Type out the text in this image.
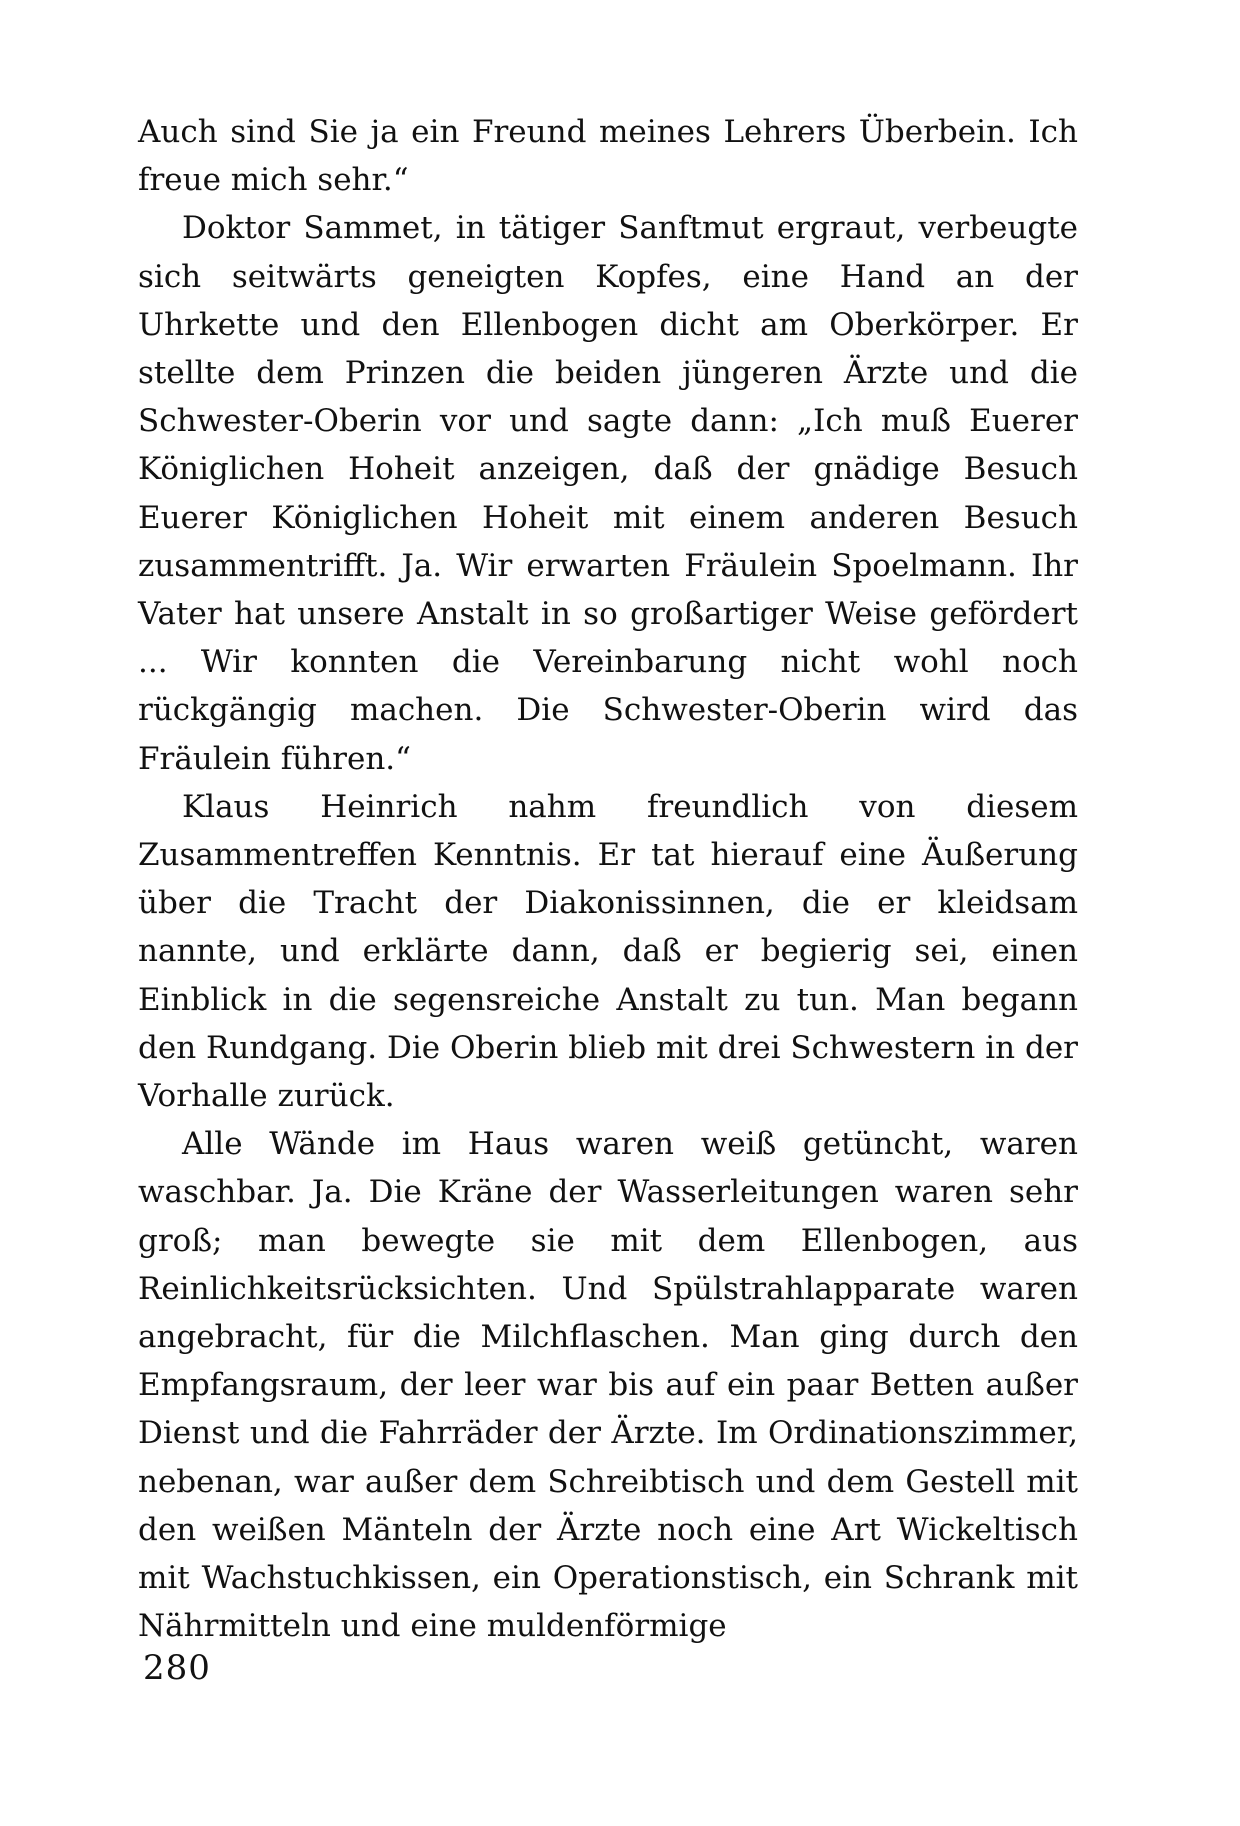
Auch sind Sie ja ein Freund meines Lehrers Überbein. Ich freue mich sehr.“

Doktor Sammet, in tätiger Sanftmut ergraut, verbeugte sich seitwärts geneigten Kopfes, eine Hand an der Uhrkette und den Ellenbogen dicht am Oberkörper. Er stellte dem Prinzen die beiden jüngeren Ärzte und die Schwester-Oberin vor und sagte dann: „Ich muß Euerer Königlichen Hoheit anzeigen, daß der gnädige Besuch Euerer Königlichen Hoheit mit einem anderen Besuch zusammentrifft. Ja. Wir erwarten Fräulein Spoelmann. Ihr Vater hat unsere Anstalt in so großartiger Weise gefördert ... Wir konnten die Vereinbarung nicht wohl noch rückgängig machen. Die Schwester-Oberin wird das Fräulein führen.“

Klaus Heinrich nahm freundlich von diesem Zusammentreffen Kenntnis. Er tat hierauf eine Äußerung über die Tracht der Diakonissinnen, die er kleidsam nannte, und erklärte dann, daß er begierig sei, einen Einblick in die segensreiche Anstalt zu tun. Man begann den Rundgang. Die Oberin blieb mit drei Schwestern in der Vorhalle zurück.

Alle Wände im Haus waren weiß getüncht, waren waschbar. Ja. Die Kräne der Wasserleitungen waren sehr groß; man bewegte sie mit dem Ellenbogen, aus Reinlichkeitsrücksichten. Und Spülstrahlapparate waren angebracht, für die Milchflaschen. Man ging durch den Empfangsraum, der leer war bis auf ein paar Betten außer Dienst und die Fahrräder der Ärzte. Im Ordinationszimmer, nebenan, war außer dem Schreibtisch und dem Gestell mit den weißen Mänteln der Ärzte noch eine Art Wickeltisch mit Wachstuchkissen, ein Operationstisch, ein Schrank mit Nährmitteln und eine muldenförmige

280
